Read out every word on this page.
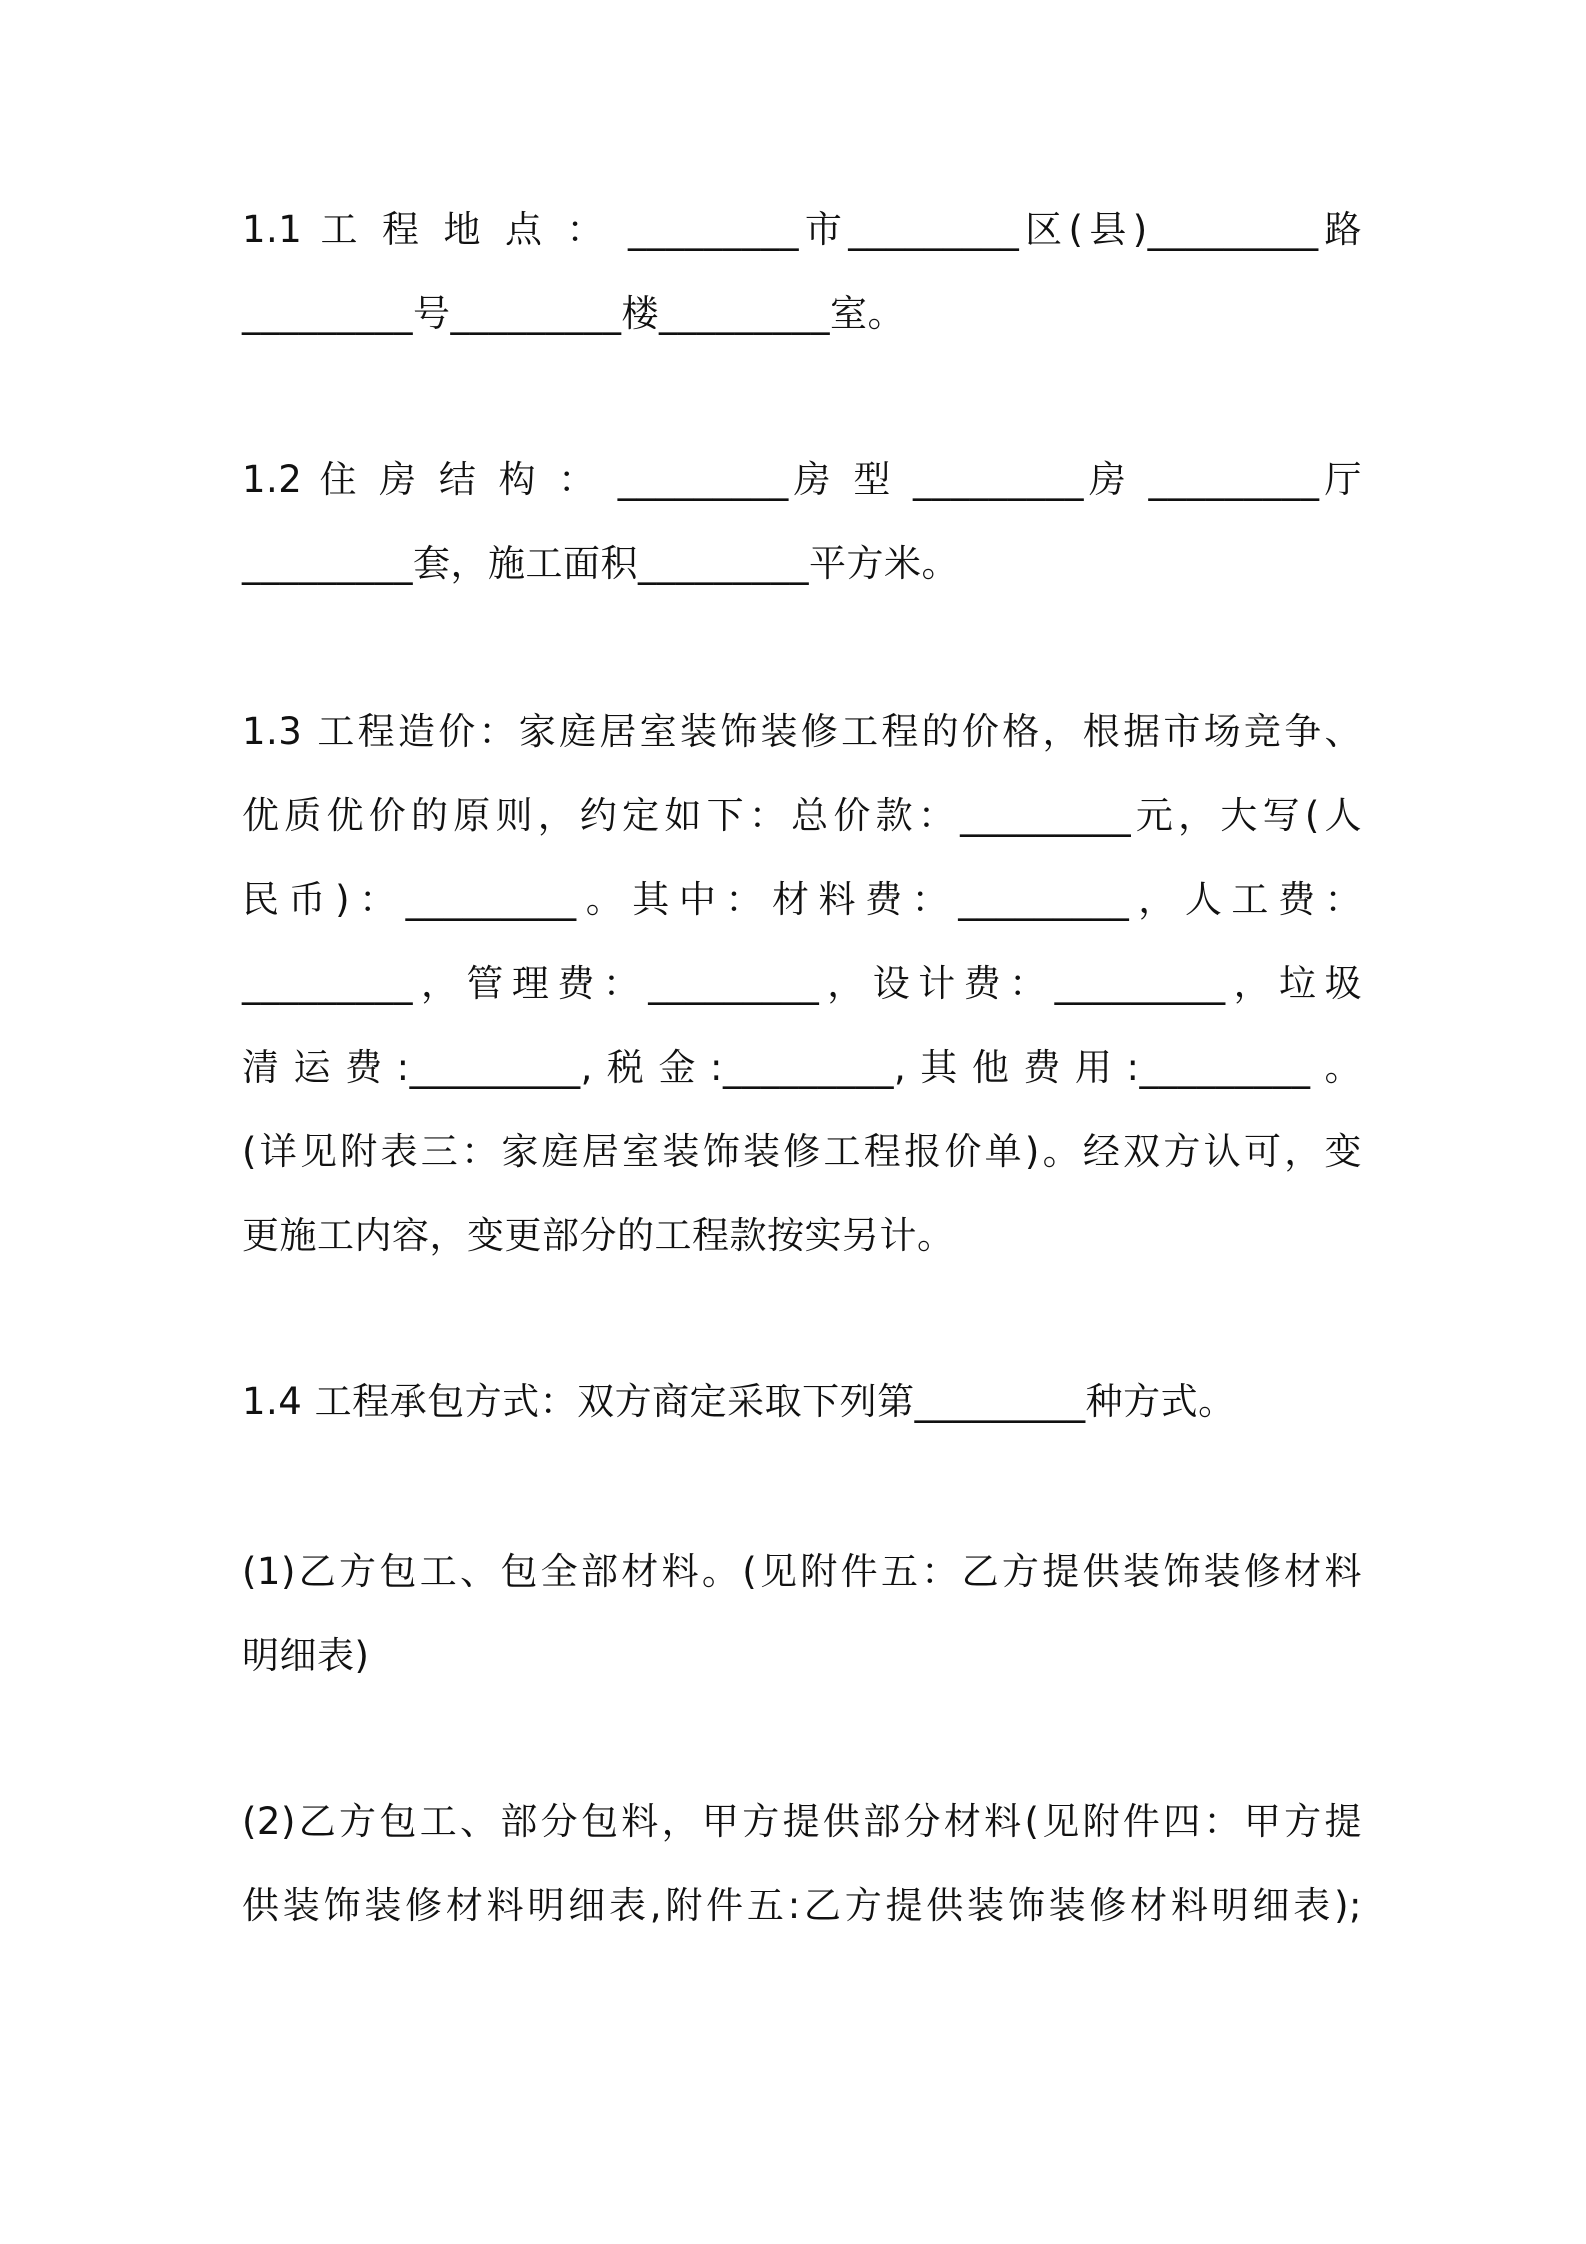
1.1 工 程 地 点 ： _________市_________区(县)_________路
_________号_________楼_________室。

1.2 住 房 结 构 ： _________房 型 _________房 _________厅
_________套，施工面积_________平方米。

1.3 工程造价：家庭居室装饰装修工程的价格，根据市场竞争、
优质优价的原则，约定如下：总价款：_________元，大写(人
民币)：_________。其中：材料费：_________，人工费：
_________，管理费：_________，设计费：_________，垃圾
清运费:_________,税金:_________,其他费用:_________。
(详见附表三：家庭居室装饰装修工程报价单)。经双方认可，变
更施工内容，变更部分的工程款按实另计。

1.4 工程承包方式：双方商定采取下列第_________种方式。

(1)乙方包工、包全部材料。(见附件五：乙方提供装饰装修材料
明细表)

(2)乙方包工、部分包料，甲方提供部分材料(见附件四：甲方提
供装饰装修材料明细表,附件五:乙方提供装饰装修材料明细表);
